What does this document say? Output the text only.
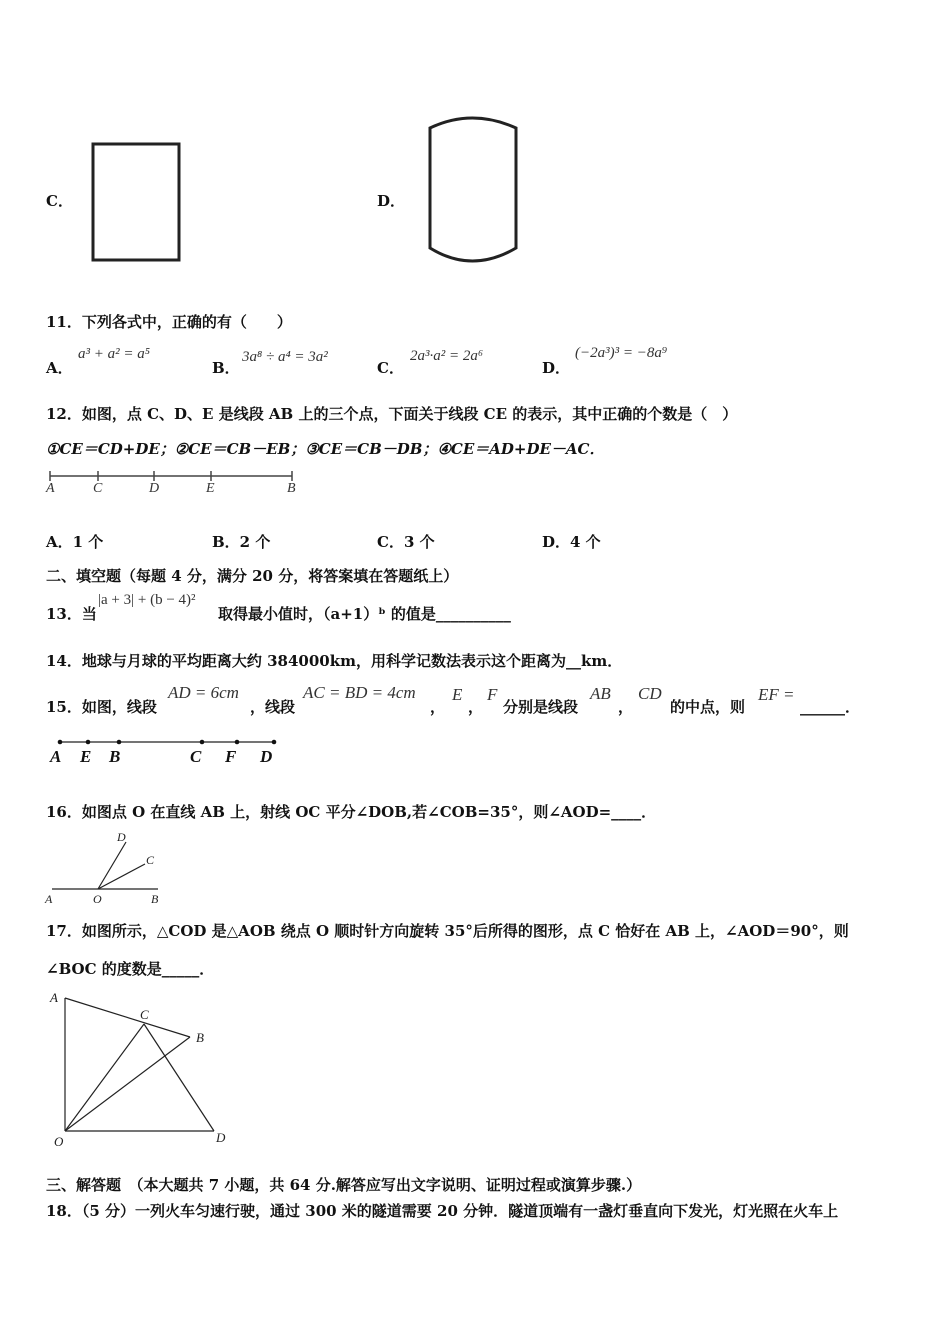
C．	D．
11．下列各式中，正确的有（　　）
A．
a³ + a² = a⁵
B．
3a⁸ ÷ a⁴ = 3a²
C．
2a³·a² = 2a⁶
D．
(−2a³)³ = −8a⁹
12．如图，点 C、D、E 是线段 AB 上的三个点，下面关于线段 CE 的表示，其中正确的个数是（　）
①CE＝CD+DE；②CE＝CB－EB；③CE＝CB－DB；④CE＝AD+DE－AC．
A	C	D	E	B
A．1 个	B．2 个	C．3 个	D．4 个
二、填空题（每题 4 分，满分 20 分，将答案填在答题纸上）
13．当
|a + 3| + (b − 4)²
取得最小值时，（a+1）ᵇ 的值是__________
14．地球与月球的平均距离大约 384000km，用科学记数法表示这个距离为__km．
15．如图，线段
AD = 6cm
，线段
AC = BD = 4cm
，
E
，
F
分别是线段
AB
，
CD
的中点，则
EF =
______．
A E B	C F D
16．如图点 O 在直线 AB 上，射线 OC 平分∠DOB,若∠COB=35°，则∠AOD=____．
A	O	B
C
D
17．如图所示，△COD 是△AOB 绕点 O 顺时针方向旋转 35°后所得的图形，点 C 恰好在 AB 上，∠AOD＝90°，则
∠BOC 的度数是_____．
A
C
B
O	D
三、解答题　（本大题共 7 小题，共 64 分.解答应写出文字说明、证明过程或演算步骤.）
18．（5 分）一列火车匀速行驶，通过 300 米的隧道需要 20 分钟．隧道顶端有一盏灯垂直向下发光，灯光照在火车上
